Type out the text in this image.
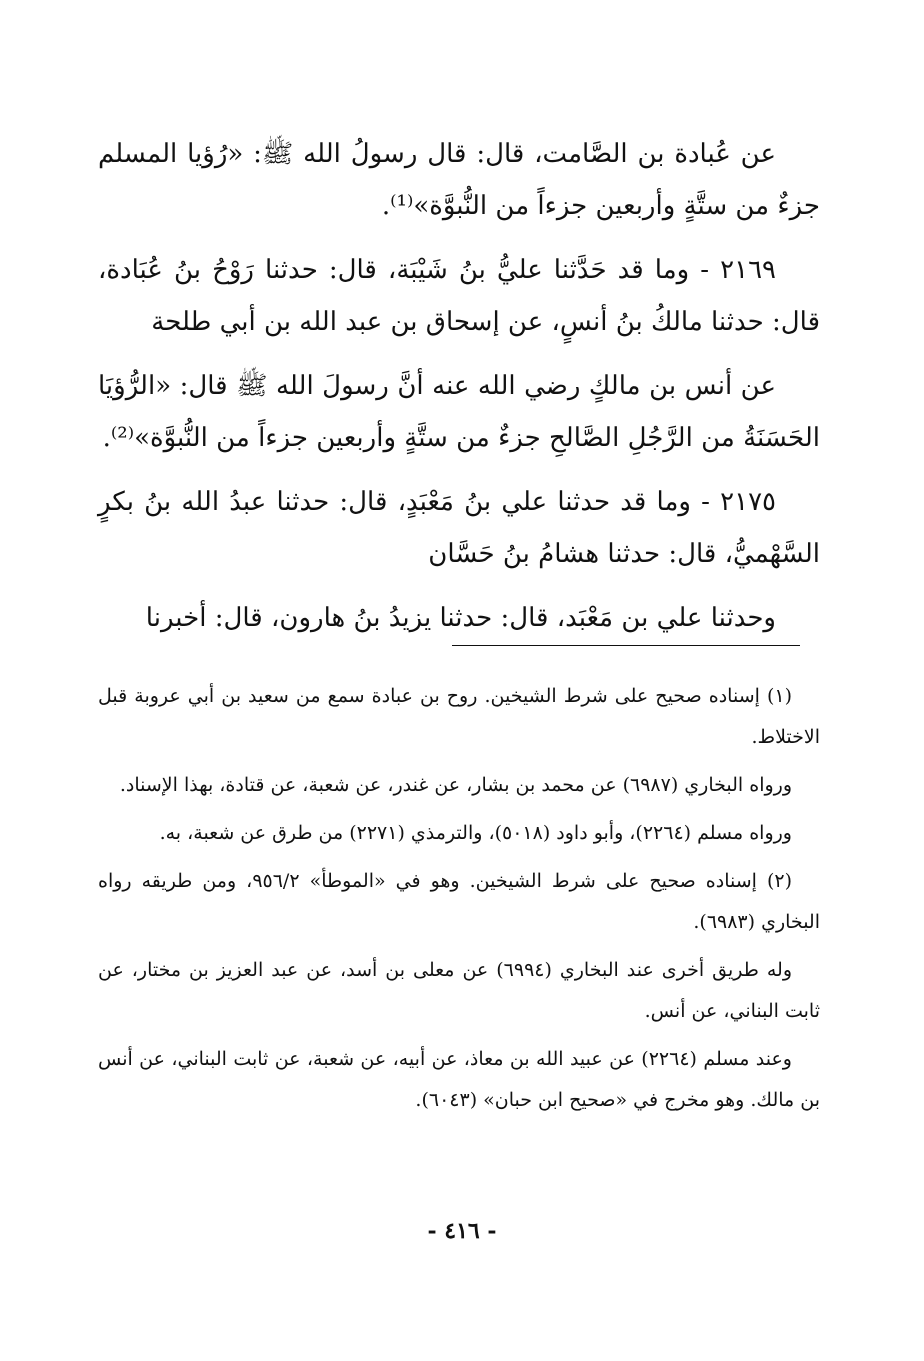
عن عُبادة بن الصَّامت، قال: قال رسولُ الله ﷺ: «رُؤيا المسلم جزءٌ من ستَّةٍ وأربعين جزءاً من النُّبوَّة»⁽¹⁾.

٢١٦٩ - وما قد حَدَّثنا عليُّ بنُ شَيْبَة، قال: حدثنا رَوْحُ بنُ عُبَادة، قال: حدثنا مالكُ بنُ أنسٍ، عن إسحاق بن عبد الله بن أبي طلحة

عن أنس بن مالكٍ رضي الله عنه أنَّ رسولَ الله ﷺ قال: «الرُّؤيَا الحَسَنَةُ من الرَّجُلِ الصَّالحِ جزءٌ من ستَّةٍ وأربعين جزءاً من النُّبوَّة»⁽²⁾.

٢١٧٥ - وما قد حدثنا علي بنُ مَعْبَدٍ، قال: حدثنا عبدُ الله بنُ بكرٍ السَّهْميُّ، قال: حدثنا هشامُ بنُ حَسَّان

وحدثنا علي بن مَعْبَد، قال: حدثنا يزيدُ بنُ هارون، قال: أخبرنا

(١) إسناده صحيح على شرط الشيخين. روح بن عبادة سمع من سعيد بن أبي عروبة قبل الاختلاط.

ورواه البخاري (٦٩٨٧) عن محمد بن بشار، عن غندر، عن شعبة، عن قتادة، بهذا الإسناد.

ورواه مسلم (٢٢٦٤)، وأبو داود (٥٠١٨)، والترمذي (٢٢٧١) من طرق عن شعبة، به.

(٢) إسناده صحيح على شرط الشيخين. وهو في «الموطأ» ٩٥٦/٢، ومن طريقه رواه البخاري (٦٩٨٣).

وله طريق أخرى عند البخاري (٦٩٩٤) عن معلى بن أسد، عن عبد العزيز بن مختار، عن ثابت البناني، عن أنس.

وعند مسلم (٢٢٦٤) عن عبيد الله بن معاذ، عن أبيه، عن شعبة، عن ثابت البناني، عن أنس بن مالك. وهو مخرج في «صحيح ابن حبان» (٦٠٤٣).

- ٤١٦ -
